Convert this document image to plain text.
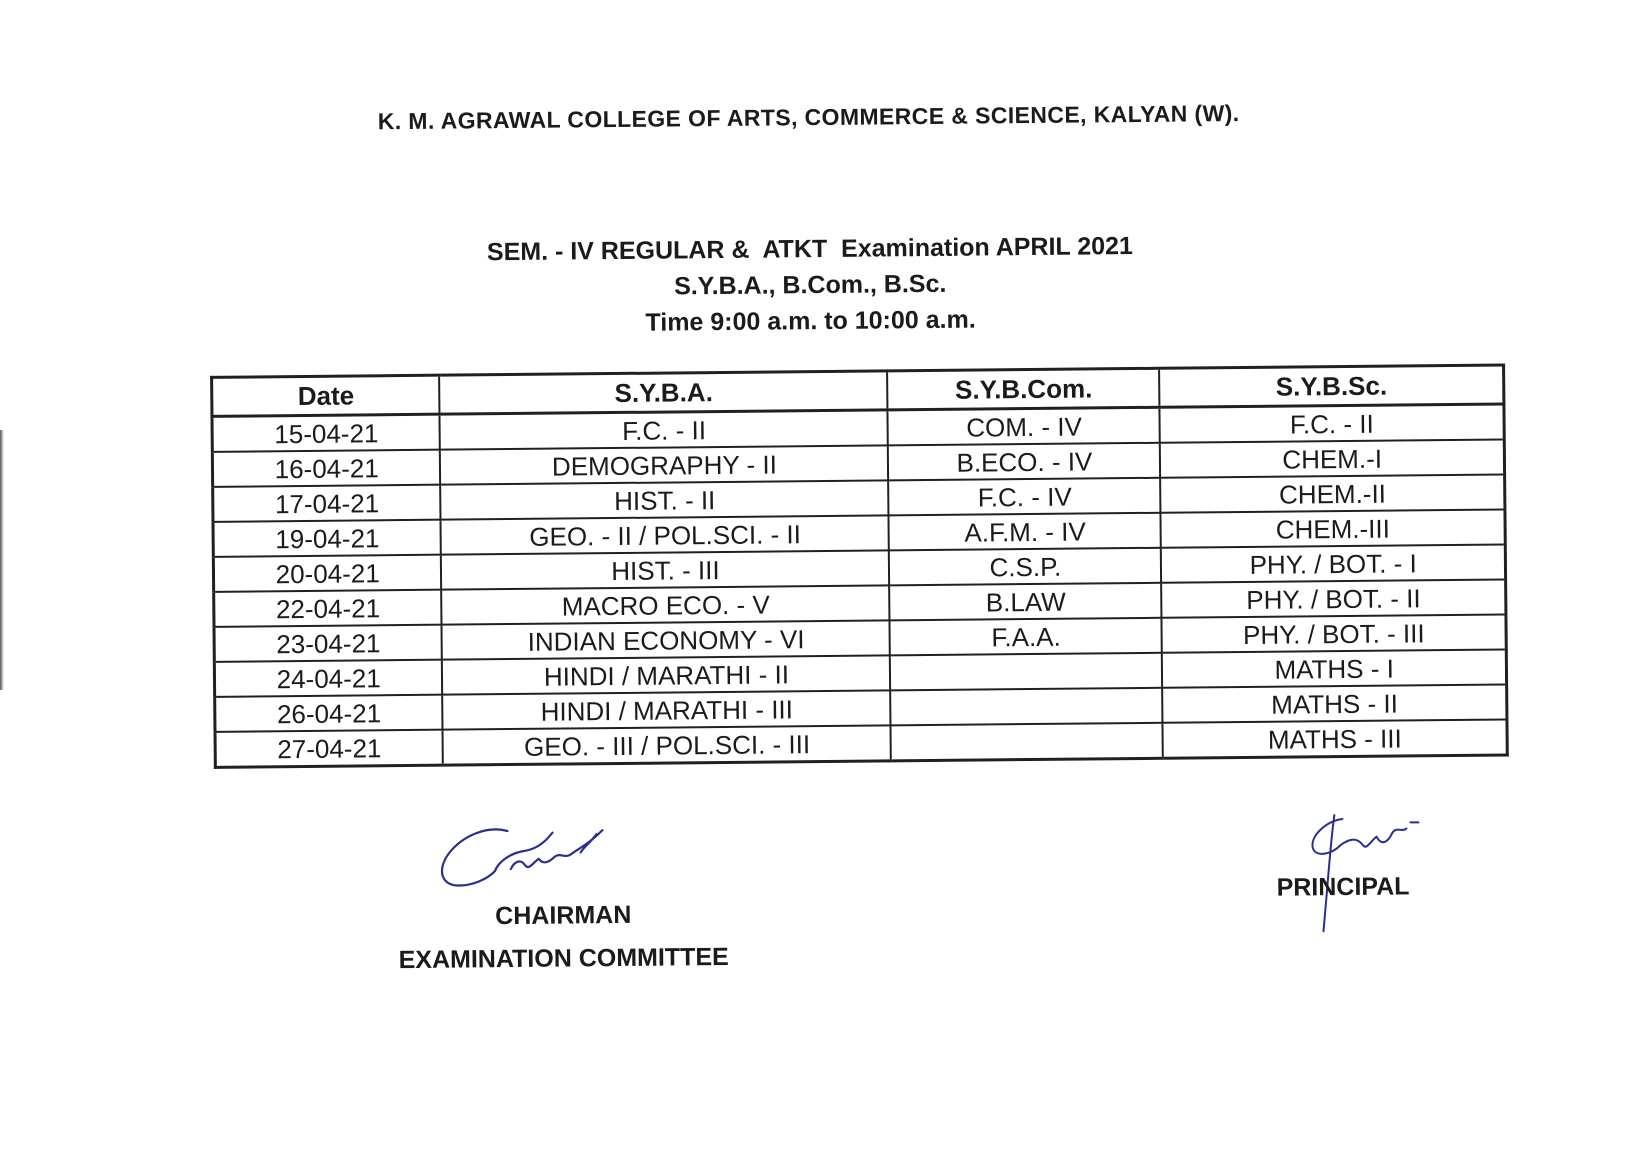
K. M. AGRAWAL COLLEGE OF ARTS, COMMERCE & SCIENCE, KALYAN (W).
SEM. - IV REGULAR &  ATKT  Examination APRIL 2021
S.Y.B.A., B.Com., B.Sc.
Time 9:00 a.m. to 10:00 a.m.
Date	S.Y.B.A.	S.Y.B.Com.	S.Y.B.Sc.
15-04-21	F.C. - II	COM. - IV	F.C. - II
16-04-21	DEMOGRAPHY - II	B.ECO. - IV	CHEM.-I
17-04-21	HIST. - II	F.C. - IV	CHEM.-II
19-04-21	GEO. - II / POL.SCI. - II	A.F.M. - IV	CHEM.-III
20-04-21	HIST. - III	C.S.P.	PHY. / BOT. - I
22-04-21	MACRO ECO. - V	B.LAW	PHY. / BOT. - II
23-04-21	INDIAN ECONOMY - VI	F.A.A.	PHY. / BOT. - III
24-04-21	HINDI / MARATHI - II		MATHS - I
26-04-21	HINDI / MARATHI - III		MATHS - II
27-04-21	GEO. - III / POL.SCI. - III		MATHS - III
CHAIRMAN
EXAMINATION COMMITTEE
PRINCIPAL
